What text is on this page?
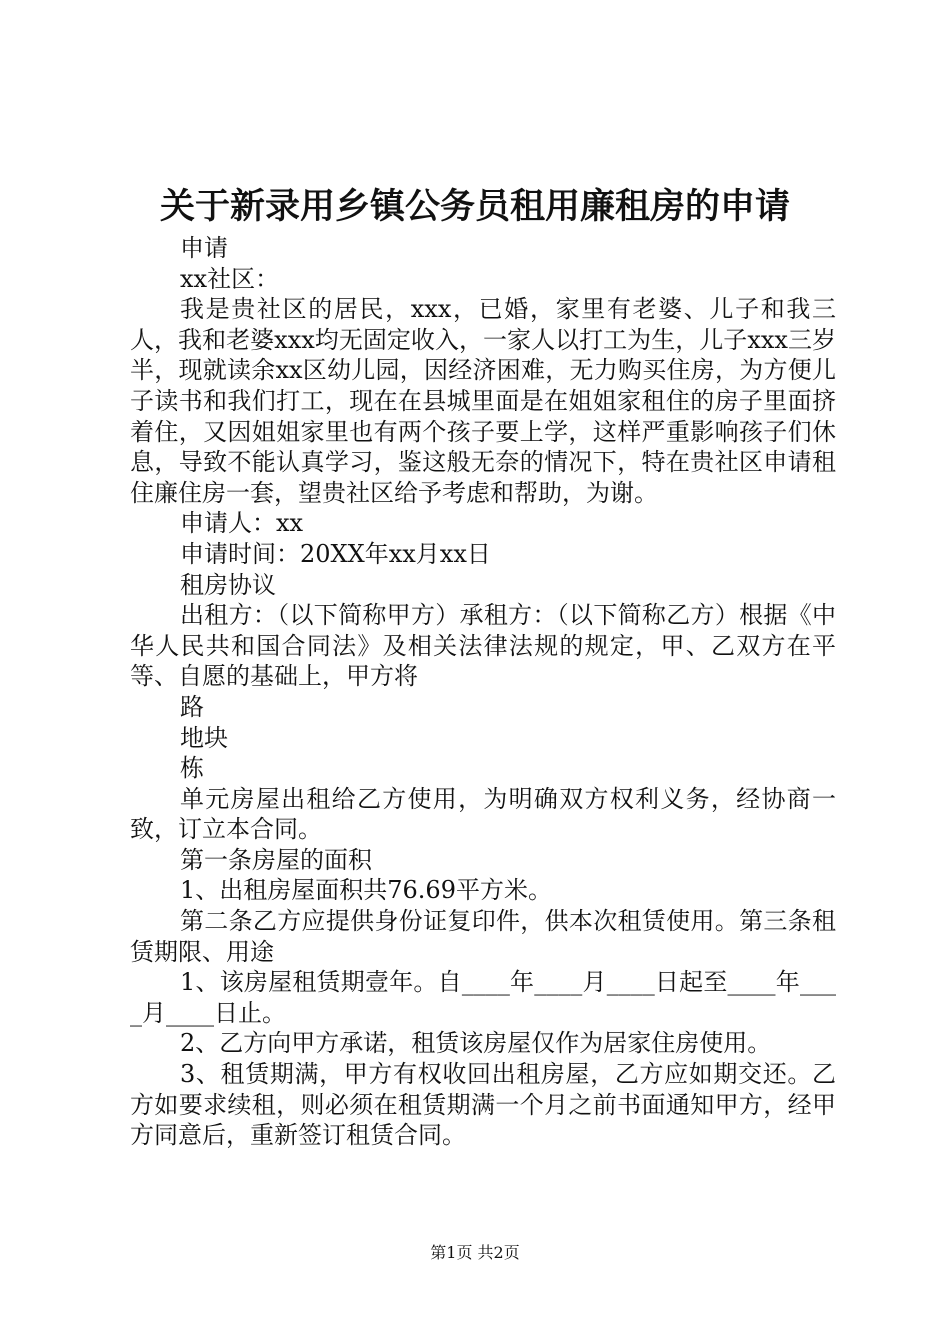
关于新录用乡镇公务员租用廉租房的申请

申请

xx社区：

我是贵社区的居民，xxx，已婚，家里有老婆、儿子和我三人，我和老婆xxx均无固定收入，一家人以打工为生，儿子xxx三岁半，现就读余xx区幼儿园，因经济困难，无力购买住房，为方便儿子读书和我们打工，现在在县城里面是在姐姐家租住的房子里面挤着住，又因姐姐家里也有两个孩子要上学，这样严重影响孩子们休息，导致不能认真学习，鉴这般无奈的情况下，特在贵社区申请租住廉住房一套，望贵社区给予考虑和帮助，为谢。

申请人：xx

申请时间：20XX年xx月xx日

租房协议

出租方：（以下简称甲方）承租方：（以下简称乙方）根据《中华人民共和国合同法》及相关法律法规的规定，甲、乙双方在平等、自愿的基础上，甲方将

路

地块

栋

单元房屋出租给乙方使用，为明确双方权利义务，经协商一致，订立本合同。

第一条房屋的面积

1、出租房屋面积共76.69平方米。

第二条乙方应提供身份证复印件，供本次租赁使用。第三条租赁期限、用途

1、该房屋租赁期壹年。自____年____月____日起至____年____月____日止。

2、乙方向甲方承诺，租赁该房屋仅作为居家住房使用。

3、租赁期满，甲方有权收回出租房屋，乙方应如期交还。乙方如要求续租，则必须在租赁期满一个月之前书面通知甲方，经甲方同意后，重新签订租赁合同。

第1页 共2页
